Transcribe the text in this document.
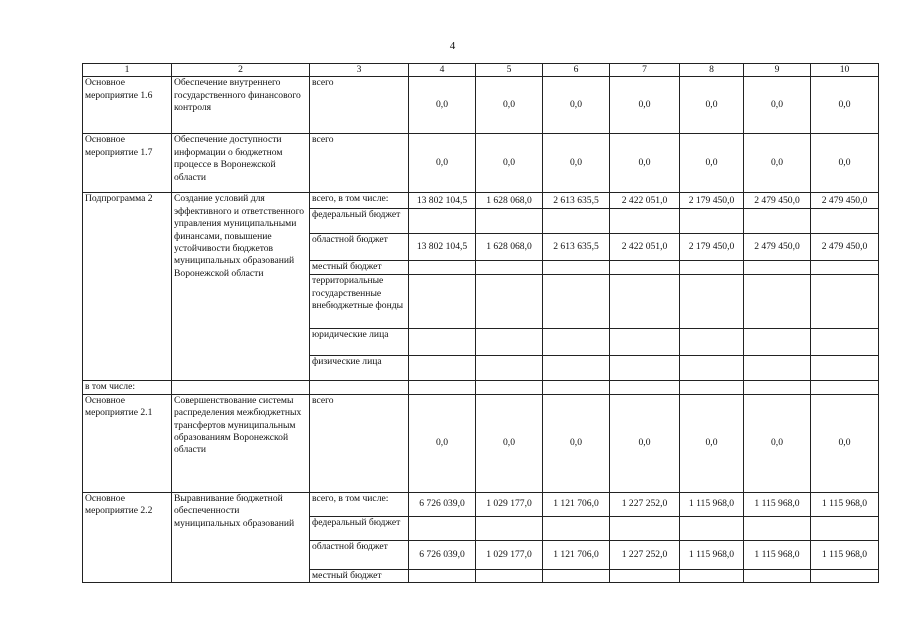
4
1	2	3	4	5	6	7	8	9	10
Основное мероприятие 1.6	Обеспечение внутреннего государственного финансового контроля	всего	0,0	0,0	0,0	0,0	0,0	0,0	0,0
Основное мероприятие 1.7	Обеспечение доступности информации о бюджетном процессе в Воронежской области	всего	0,0	0,0	0,0	0,0	0,0	0,0	0,0
Подпрограмма 2	Создание условий для эффективного и ответственного управления муниципальными финансами, повышение устойчивости бюджетов муниципальных образований Воронежской области	всего, в том числе:	13 802 104,5	1 628 068,0	2 613 635,5	2 422 051,0	2 179 450,0	2 479 450,0	2 479 450,0
		федеральный бюджет							
		областной бюджет	13 802 104,5	1 628 068,0	2 613 635,5	2 422 051,0	2 179 450,0	2 479 450,0	2 479 450,0
		местный бюджет							
		территориальные государственные внебюджетные фонды							
		юридические лица							
		физические лица							
в том числе:									
Основное мероприятие 2.1	Совершенствование системы распределения межбюджетных трансфертов муниципальным образованиям Воронежской области	всего	0,0	0,0	0,0	0,0	0,0	0,0	0,0
Основное мероприятие 2.2	Выравнивание бюджетной обеспеченности муниципальных образований	всего, в том числе:	6 726 039,0	1 029 177,0	1 121 706,0	1 227 252,0	1 115 968,0	1 115 968,0	1 115 968,0
		федеральный бюджет							
		областной бюджет	6 726 039,0	1 029 177,0	1 121 706,0	1 227 252,0	1 115 968,0	1 115 968,0	1 115 968,0
		местный бюджет							
